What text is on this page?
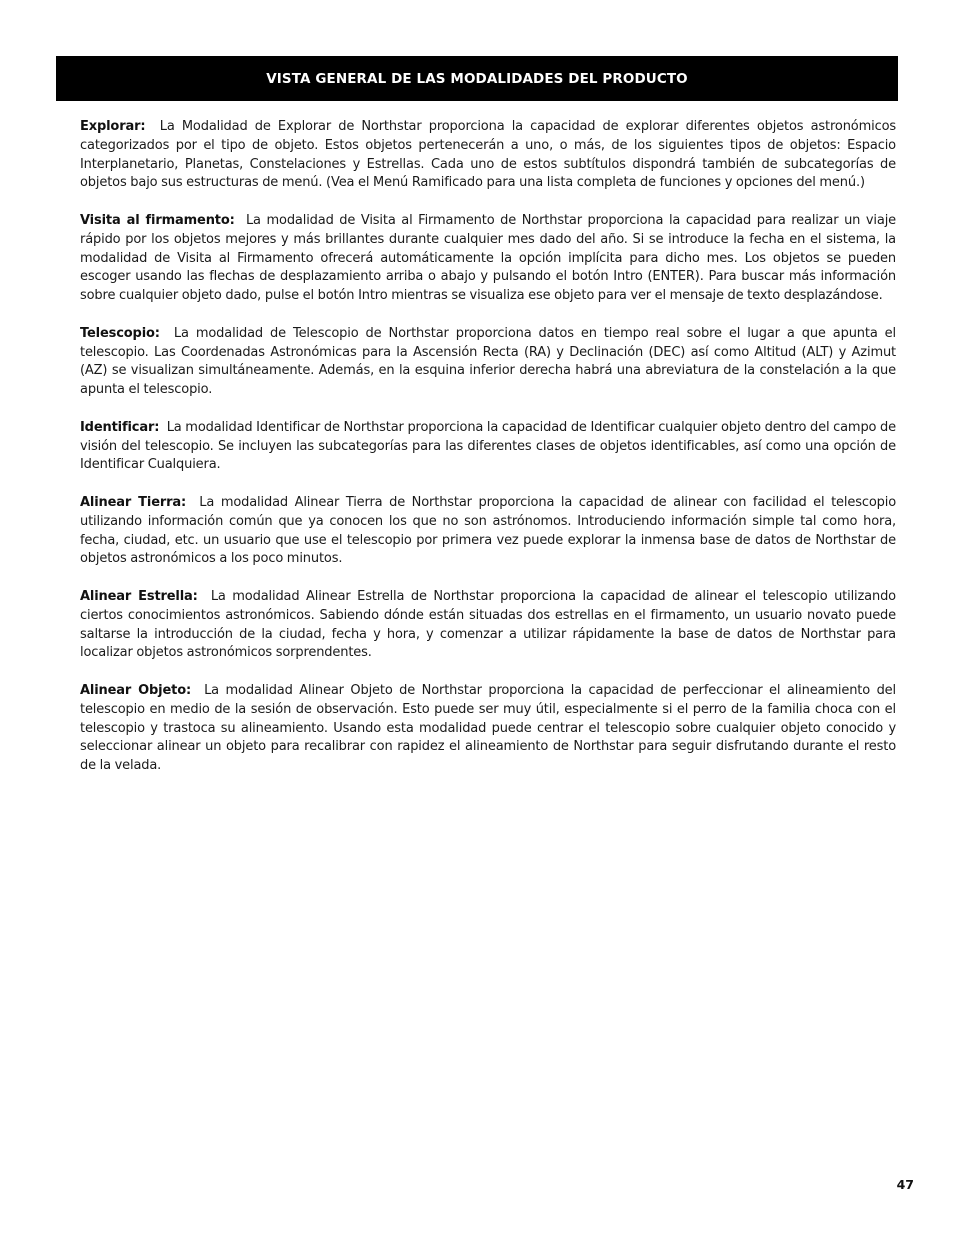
VISTA GENERAL DE LAS MODALIDADES DEL PRODUCTO

Explorar: La Modalidad de Explorar de Northstar proporciona la capacidad de explorar diferentes objetos astronómicos categorizados por el tipo de objeto. Estos objetos pertenecerán a uno, o más, de los siguientes tipos de objetos: Espacio Interplanetario, Planetas, Constelaciones y Estrellas. Cada uno de estos subtítulos dispondrá también de subcategorías de objetos bajo sus estructuras de menú. (Vea el Menú Ramificado para una lista completa de funciones y opciones del menú.)

Visita al firmamento: La modalidad de Visita al Firmamento de Northstar proporciona la capacidad para realizar un viaje rápido por los objetos mejores y más brillantes durante cualquier mes dado del año. Si se introduce la fecha en el sistema, la modalidad de Visita al Firmamento ofrecerá automáticamente la opción implícita para dicho mes. Los objetos se pueden escoger usando las flechas de desplazamiento arriba o abajo y pulsando el botón Intro (ENTER). Para buscar más información sobre cualquier objeto dado, pulse el botón Intro mientras se visualiza ese objeto para ver el mensaje de texto desplazándose.

Telescopio: La modalidad de Telescopio de Northstar proporciona datos en tiempo real sobre el lugar a que apunta el telescopio. Las Coordenadas Astronómicas para la Ascensión Recta (RA) y Declinación (DEC) así como Altitud (ALT) y Azimut (AZ) se visualizan simultáneamente. Además, en la esquina inferior derecha habrá una abreviatura de la constelación a la que apunta el telescopio.

Identificar: La modalidad Identificar de Northstar proporciona la capacidad de Identificar cualquier objeto dentro del campo de visión del telescopio. Se incluyen las subcategorías para las diferentes clases de objetos identificables, así como una opción de Identificar Cualquiera.

Alinear Tierra: La modalidad Alinear Tierra de Northstar proporciona la capacidad de alinear con facilidad el telescopio utilizando información común que ya conocen los que no son astrónomos. Introduciendo información simple tal como hora, fecha, ciudad, etc. un usuario que use el telescopio por primera vez puede explorar la inmensa base de datos de Northstar de objetos astronómicos a los poco minutos.

Alinear Estrella: La modalidad Alinear Estrella de Northstar proporciona la capacidad de alinear el telescopio utilizando ciertos conocimientos astronómicos. Sabiendo dónde están situadas dos estrellas en el firmamento, un usuario novato puede saltarse la introducción de la ciudad, fecha y hora, y comenzar a utilizar rápidamente la base de datos de Northstar para localizar objetos astronómicos sorprendentes.

Alinear Objeto: La modalidad Alinear Objeto de Northstar proporciona la capacidad de perfeccionar el alineamiento del telescopio en medio de la sesión de observación. Esto puede ser muy útil, especialmente si el perro de la familia choca con el telescopio y trastoca su alineamiento. Usando esta modalidad puede centrar el telescopio sobre cualquier objeto conocido y seleccionar alinear un objeto para recalibrar con rapidez el alineamiento de Northstar para seguir disfrutando durante el resto de la velada.

47
